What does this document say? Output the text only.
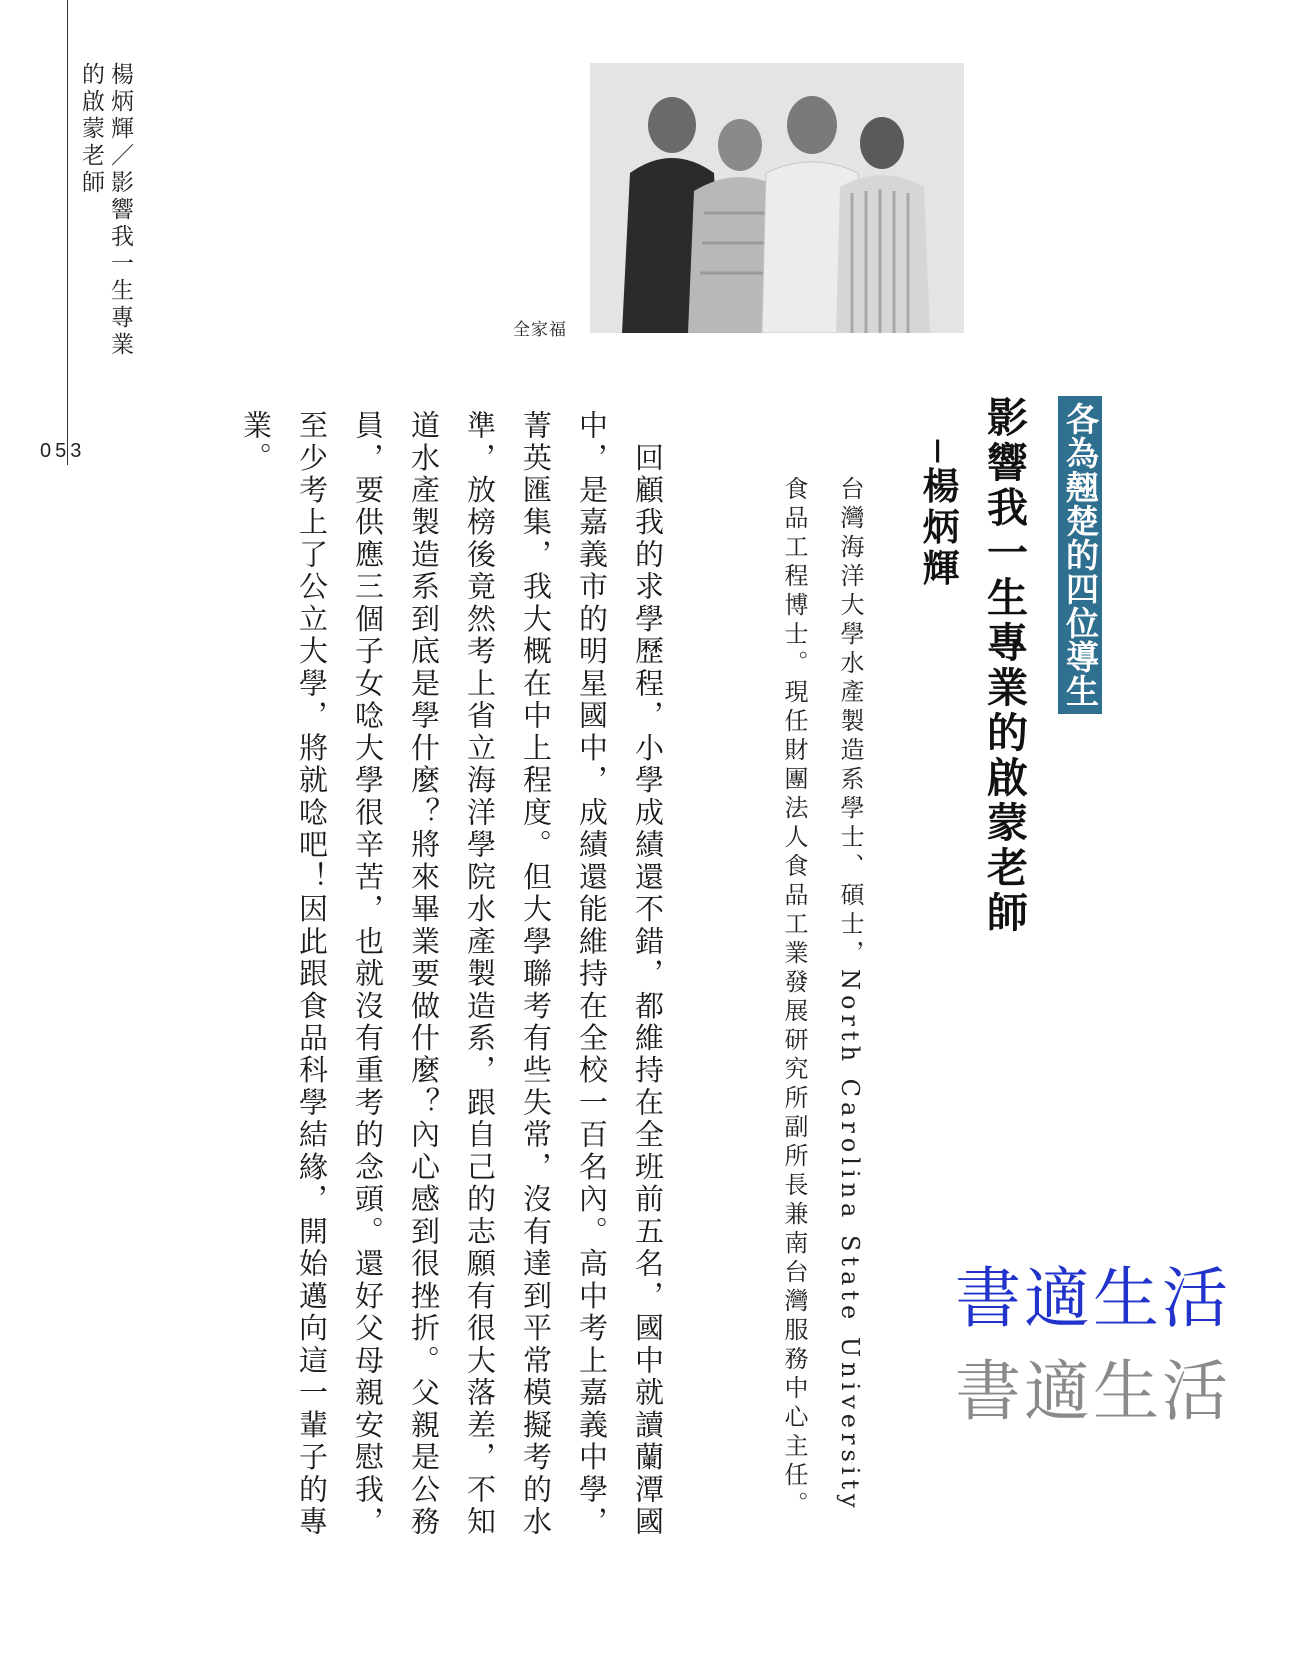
楊炳輝／影響我一生專業的啟蒙老師
053
全家福
各為翹楚的四位導生
影響我一生專業的啟蒙老師
─楊炳輝
台灣海洋大學水產製造系學士、碩士，North Carolina State University 食品工程博士。現任財團法人食品工業發展研究所副所長兼南台灣服務中心主任。
　回顧我的求學歷程，小學成績還不錯，都維持在全班前五名，國中就讀蘭潭國中，是嘉義市的明星國中，成績還能維持在全校一百名內。高中考上嘉義中學，菁英匯集，我大概在中上程度。但大學聯考有些失常，沒有達到平常模擬考的水準，放榜後竟然考上省立海洋學院水產製造系，跟自己的志願有很大落差，不知道水產製造系到底是學什麼？將來畢業要做什麼？內心感到很挫折。父親是公務員，要供應三個子女唸大學很辛苦，也就沒有重考的念頭。還好父母親安慰我，至少考上了公立大學，將就唸吧！因此跟食品科學結緣，開始邁向這一輩子的專業。
書適生活
書適生活
